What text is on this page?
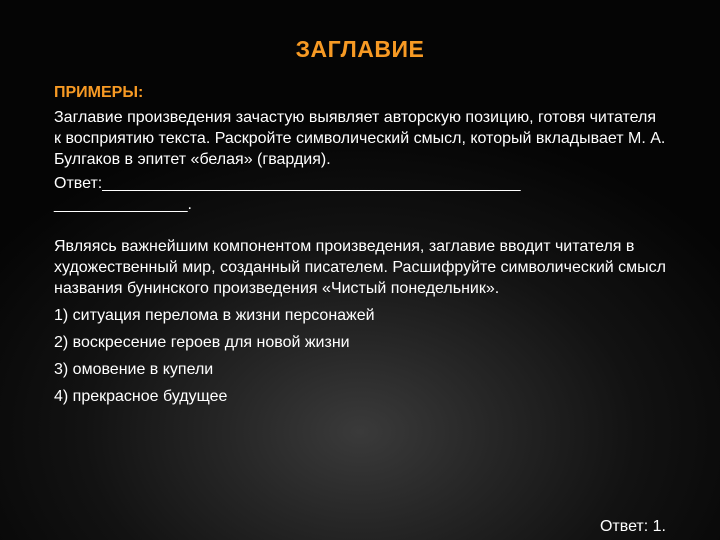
ЗАГЛАВИЕ
ПРИМЕРЫ:

Заглавие произведения зачастую выявляет авторскую позицию, готовя читателя к восприятию текста. Раскройте символический смысл, который вкладывает М. А. Булгаков в эпитет «белая» (гвардия).

Ответ:_______________________________________________

_______________.

Являясь важнейшим компонентом произведения, заглавие вводит читателя в художественный мир, созданный писателем. Расшифруйте символический смысл названия бунинского произведения «Чистый понедельник».

1) ситуация перелома в жизни персонажей

2) воскресение героев для новой жизни

3) омовение в купели

4) прекрасное будущее

Ответ: 1.
